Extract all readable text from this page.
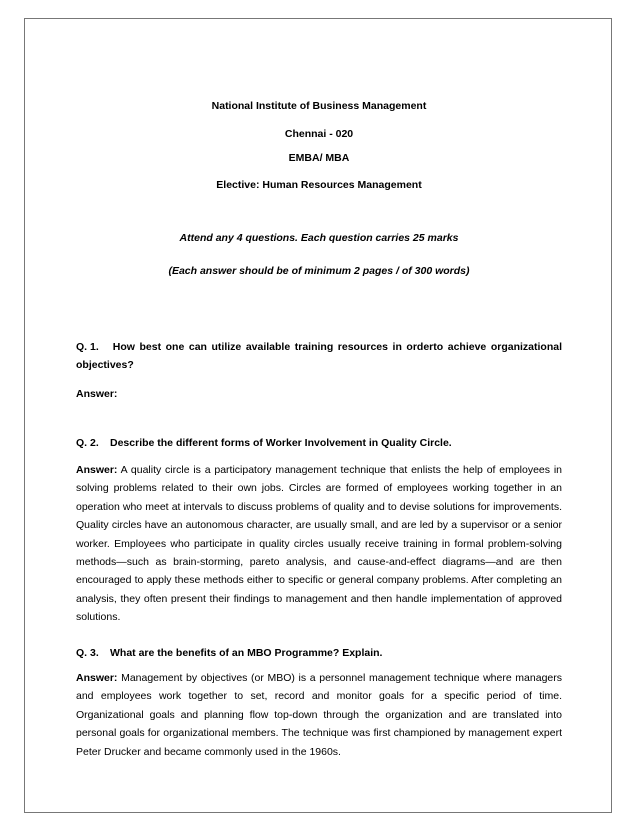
National Institute of Business Management
Chennai - 020
EMBA/ MBA
Elective: Human Resources Management
Attend any 4 questions. Each question carries 25 marks
(Each answer should be of minimum 2 pages / of 300 words)
Q. 1. How best one can utilize available training resources in orderto achieve organizational objectives?
Answer:
Q. 2. Describe the different forms of Worker Involvement in Quality Circle.
Answer: A quality circle is a participatory management technique that enlists the help of employees in solving problems related to their own jobs. Circles are formed of employees working together in an operation who meet at intervals to discuss problems of quality and to devise solutions for improvements. Quality circles have an autonomous character, are usually small, and are led by a supervisor or a senior worker. Employees who participate in quality circles usually receive training in formal problem-solving methods—such as brain-storming, pareto analysis, and cause-and-effect diagrams—and are then encouraged to apply these methods either to specific or general company problems. After completing an analysis, they often present their findings to management and then handle implementation of approved solutions.
Q. 3. What are the benefits of an MBO Programme? Explain.
Answer: Management by objectives (or MBO) is a personnel management technique where managers and employees work together to set, record and monitor goals for a specific period of time. Organizational goals and planning flow top-down through the organization and are translated into personal goals for organizational members. The technique was first championed by management expert Peter Drucker and became commonly used in the 1960s.
